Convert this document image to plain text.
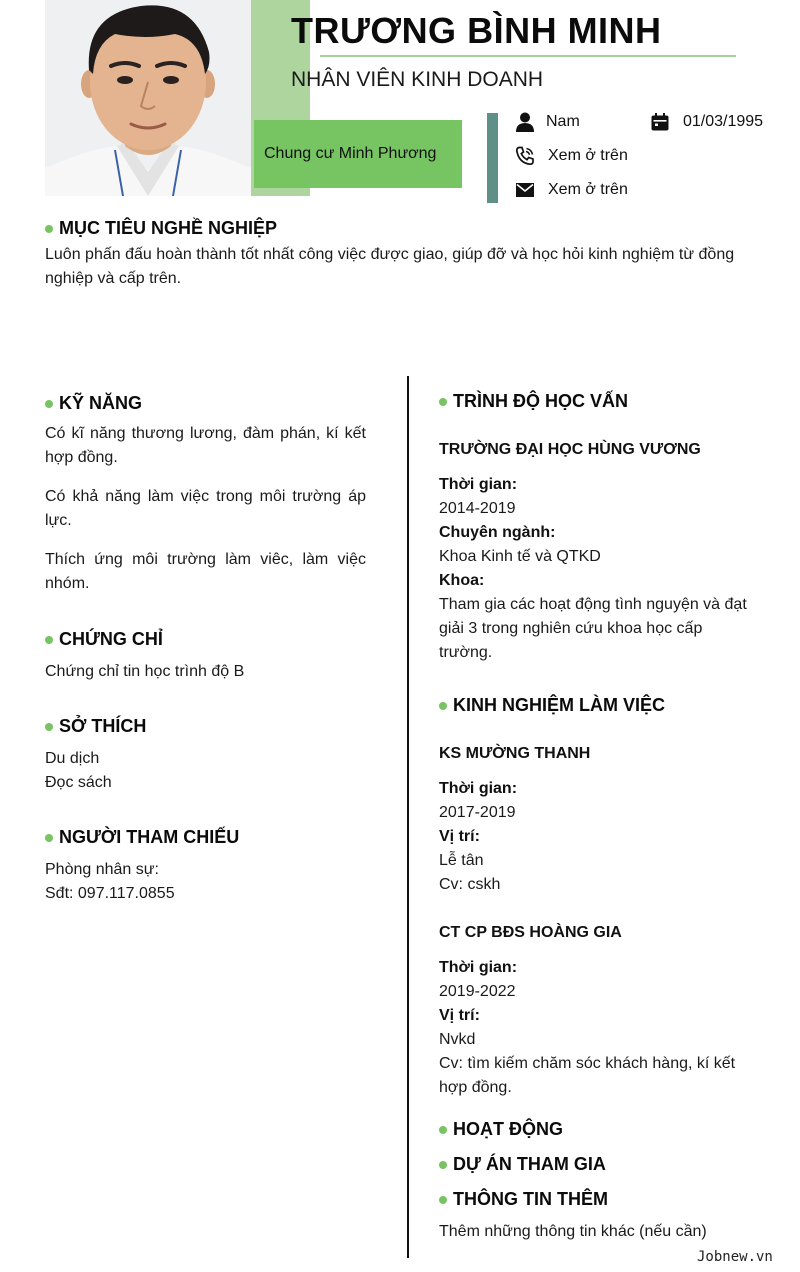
TRƯƠNG BÌNH MINH
NHÂN VIÊN KINH DOANH
Chung cư Minh Phương
Nam	01/03/1995
Xem ở trên
Xem ở trên
MỤC TIÊU NGHỀ NGHIỆP
Luôn phấn đấu hoàn thành tốt nhất công việc được giao, giúp đỡ và học hỏi kinh nghiệm từ đồng nghiệp và cấp trên.
KỸ NĂNG
Có kĩ năng thương lương, đàm phán, kí kết hợp đồng.
Có khả năng làm việc trong môi trường áp lực.
Thích ứng môi trường làm viêc, làm việc nhóm.
CHỨNG CHỈ
Chứng chỉ tin học trình độ B
SỞ THÍCH
Du dịch
Đọc sách
NGƯỜI THAM CHIẾU
Phòng nhân sự:
Sđt: 097.117.0855
TRÌNH ĐỘ HỌC VẤN
TRƯỜNG ĐẠI HỌC HÙNG VƯƠNG
Thời gian:
2014-2019
Chuyên ngành:
Khoa Kinh tế và QTKD
Khoa:
Tham gia các hoạt động tình nguyện và đạt giải 3 trong nghiên cứu khoa học cấp trường.
KINH NGHIỆM LÀM VIỆC
KS MƯỜNG THANH
Thời gian:
2017-2019
Vị trí:
Lễ tân
Cv: cskh
CT CP BĐS HOÀNG GIA
Thời gian:
2019-2022
Vị trí:
Nvkd
Cv: tìm kiếm chăm sóc khách hàng, kí kết hợp đồng.
HOẠT ĐỘNG
DỰ ÁN THAM GIA
THÔNG TIN THÊM
Thêm những thông tin khác (nếu cần)
Jobnew.vn
